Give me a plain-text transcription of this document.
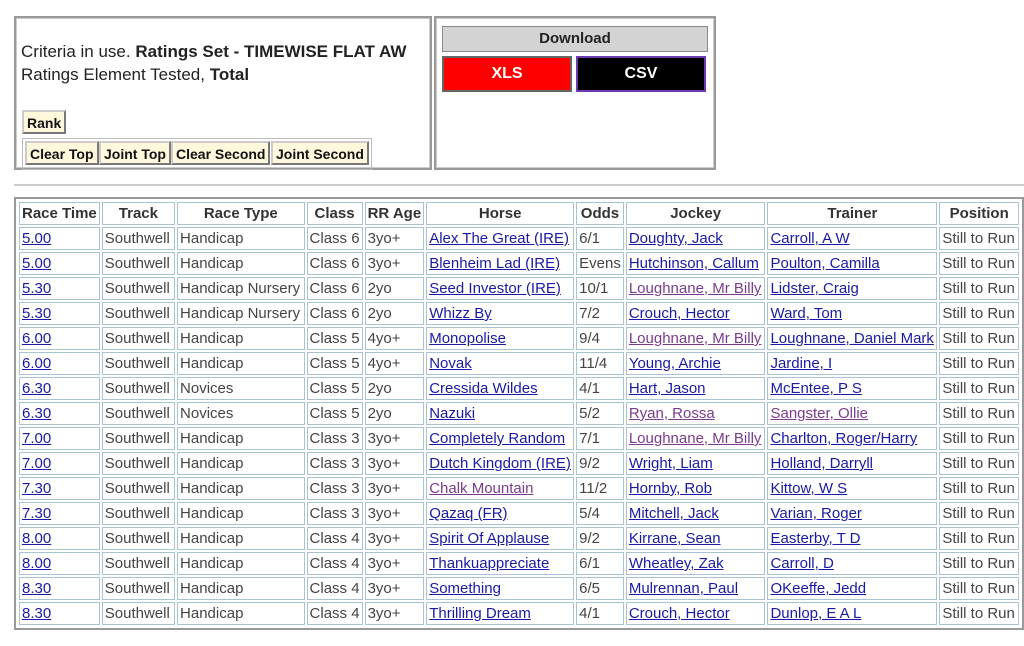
Criteria in use. Ratings Set - TIMEWISE FLAT AW
Ratings Element Tested, Total
Rank
Clear Top Joint Top Clear Second Joint Second
Download
XLS	CSV
Race Time	Track	Race Type	Class	RR Age	Horse	Odds	Jockey	Trainer	Position
5.00	Southwell	Handicap	Class 6	3yo+	Alex The Great (IRE)	6/1	Doughty, Jack	Carroll, A W	Still to Run
5.00	Southwell	Handicap	Class 6	3yo+	Blenheim Lad (IRE)	Evens	Hutchinson, Callum	Poulton, Camilla	Still to Run
5.30	Southwell	Handicap Nursery	Class 6	2yo	Seed Investor (IRE)	10/1	Loughnane, Mr Billy	Lidster, Craig	Still to Run
5.30	Southwell	Handicap Nursery	Class 6	2yo	Whizz By	7/2	Crouch, Hector	Ward, Tom	Still to Run
6.00	Southwell	Handicap	Class 5	4yo+	Monopolise	9/4	Loughnane, Mr Billy	Loughnane, Daniel Mark	Still to Run
6.00	Southwell	Handicap	Class 5	4yo+	Novak	11/4	Young, Archie	Jardine, I	Still to Run
6.30	Southwell	Novices	Class 5	2yo	Cressida Wildes	4/1	Hart, Jason	McEntee, P S	Still to Run
6.30	Southwell	Novices	Class 5	2yo	Nazuki	5/2	Ryan, Rossa	Sangster, Ollie	Still to Run
7.00	Southwell	Handicap	Class 3	3yo+	Completely Random	7/1	Loughnane, Mr Billy	Charlton, Roger/Harry	Still to Run
7.00	Southwell	Handicap	Class 3	3yo+	Dutch Kingdom (IRE)	9/2	Wright, Liam	Holland, Darryll	Still to Run
7.30	Southwell	Handicap	Class 3	3yo+	Chalk Mountain	11/2	Hornby, Rob	Kittow, W S	Still to Run
7.30	Southwell	Handicap	Class 3	3yo+	Qazaq (FR)	5/4	Mitchell, Jack	Varian, Roger	Still to Run
8.00	Southwell	Handicap	Class 4	3yo+	Spirit Of Applause	9/2	Kirrane, Sean	Easterby, T D	Still to Run
8.00	Southwell	Handicap	Class 4	3yo+	Thankuappreciate	6/1	Wheatley, Zak	Carroll, D	Still to Run
8.30	Southwell	Handicap	Class 4	3yo+	Something	6/5	Mulrennan, Paul	OKeeffe, Jedd	Still to Run
8.30	Southwell	Handicap	Class 4	3yo+	Thrilling Dream	4/1	Crouch, Hector	Dunlop, E A L	Still to Run
